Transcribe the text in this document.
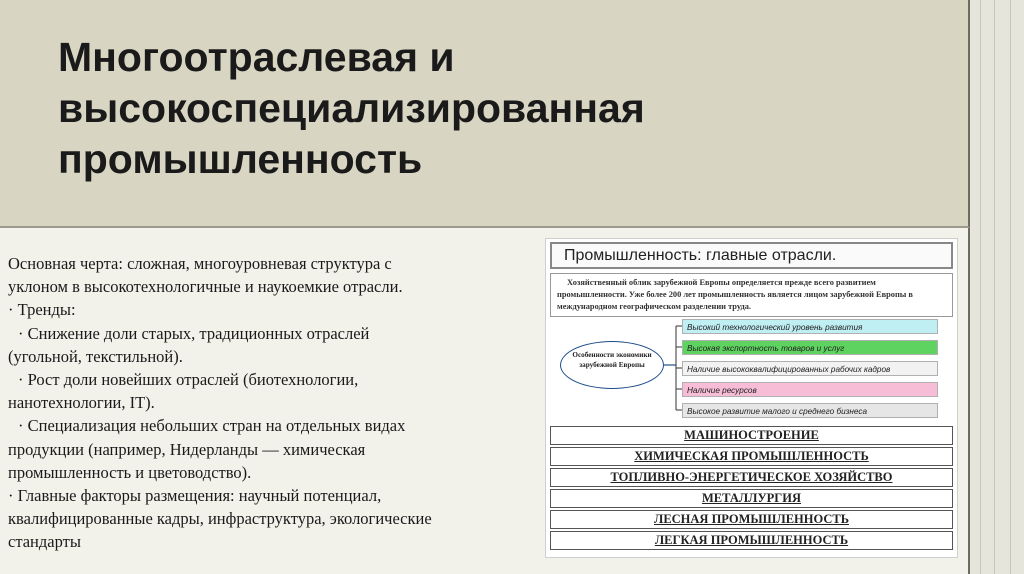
Многоотраслевая и
высокоспециализированная
промышленность

Основная черта: сложная, многоуровневая структура с

уклоном в высокотехнологичные и наукоемкие отрасли.

· Тренды:

· Снижение доли старых, традиционных отраслей

(угольной, текстильной).

· Рост доли новейших отраслей (биотехнологии,

нанотехнологии, IT).

· Специализация небольших стран на отдельных видах

продукции (например, Нидерланды — химическая

промышленность и цветоводство).

· Главные факторы размещения: научный потенциал,

квалифицированные кадры, инфраструктура, экологические

стандарты

Промышленность: главные отрасли.
Хозяйственный облик зарубежной Европы определяется прежде всего развитием промышленности. Уже более 200 лет промышленность является лицом зарубежной Европы в международном географическом разделении труда.
Особенности экономики зарубежной Европы
Высокий технологический уровень развития
Высокая экспортность товаров и услуг
Наличие высококвалифицированных рабочих кадров
Наличие ресурсов
Высокое развитие малого и среднего бизнеса
МАШИНОСТРОЕНИЕ
ХИМИЧЕСКАЯ ПРОМЫШЛЕННОСТЬ
ТОПЛИВНО-ЭНЕРГЕТИЧЕСКОЕ ХОЗЯЙСТВО
МЕТАЛЛУРГИЯ
ЛЕСНАЯ ПРОМЫШЛЕННОСТЬ
ЛЕГКАЯ ПРОМЫШЛЕННОСТЬ
